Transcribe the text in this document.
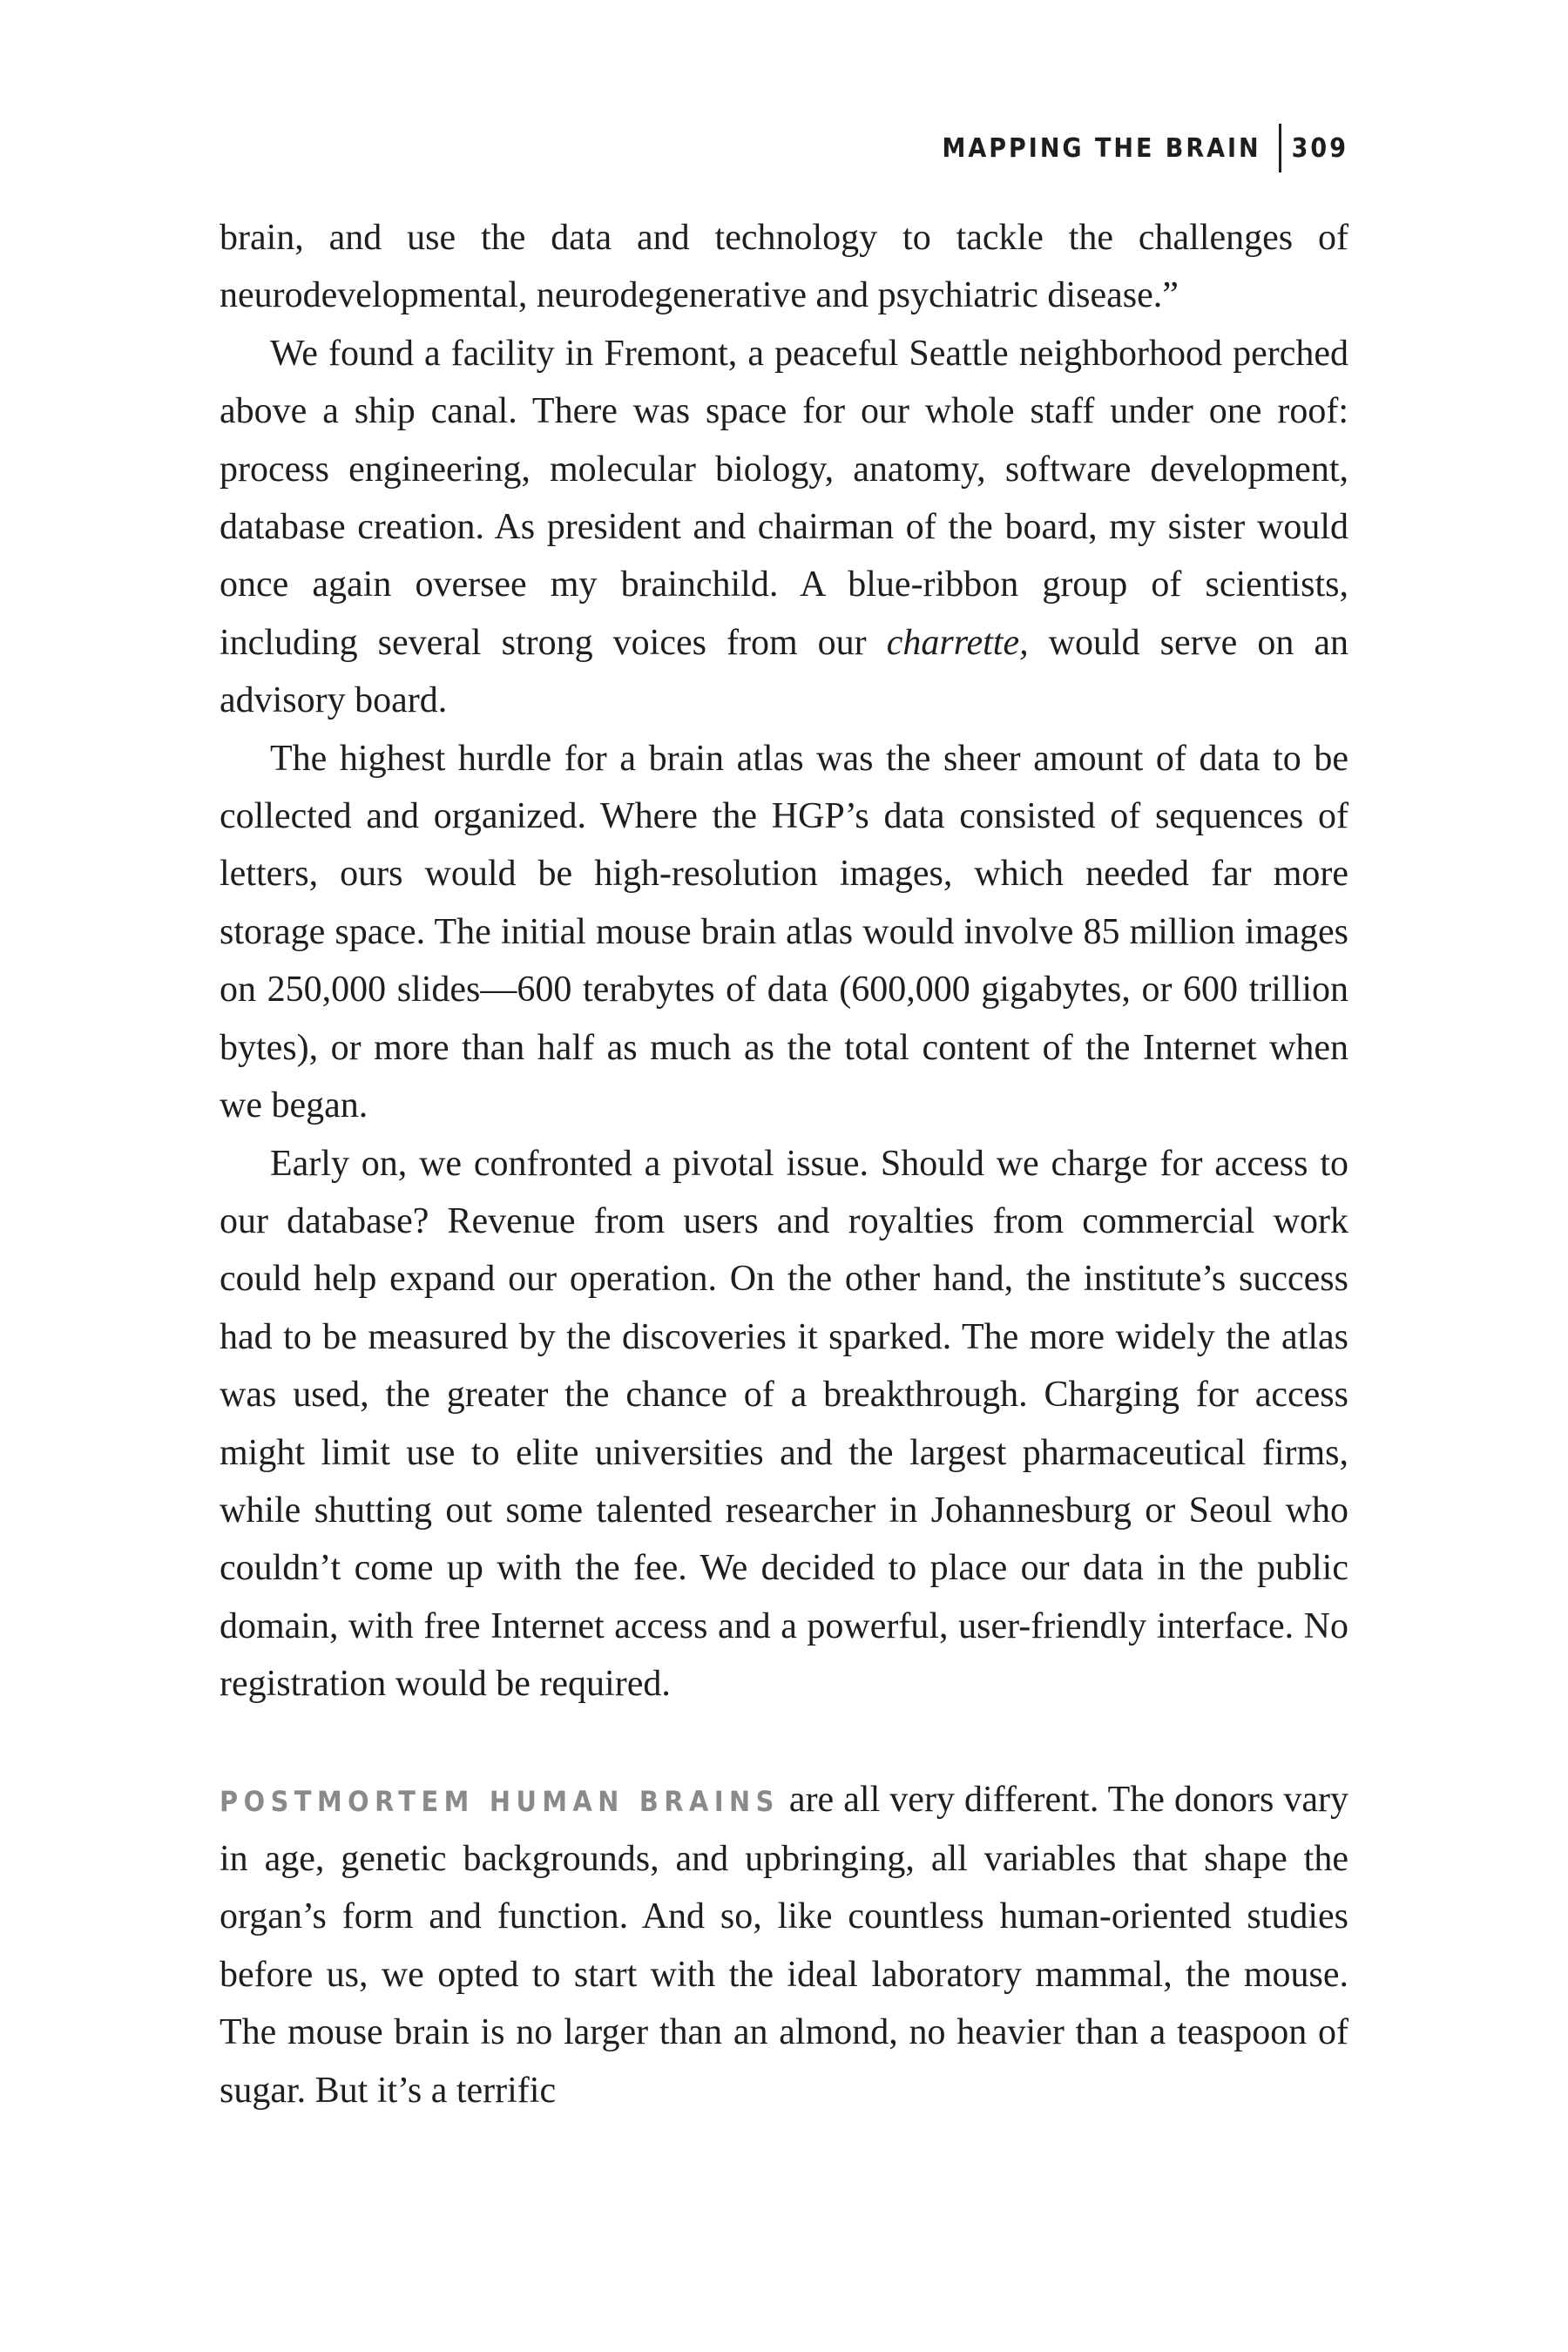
MAPPING THE BRAIN 309

brain, and use the data and technology to tackle the challenges of neurodevelopmental, neurodegenerative and psychiatric disease.”

We found a facility in Fremont, a peaceful Seattle neighborhood perched above a ship canal. There was space for our whole staff under one roof: process engineering, molecular biology, anatomy, software development, database creation. As president and chairman of the board, my sister would once again oversee my brainchild. A blue-ribbon group of scientists, including several strong voices from our charrette, would serve on an advisory board.

The highest hurdle for a brain atlas was the sheer amount of data to be collected and organized. Where the HGP’s data consisted of sequences of letters, ours would be high-resolution images, which needed far more storage space. The initial mouse brain atlas would involve 85 million images on 250,000 slides—600 terabytes of data (600,000 gigabytes, or 600 trillion bytes), or more than half as much as the total content of the Internet when we began.

Early on, we confronted a pivotal issue. Should we charge for access to our database? Revenue from users and royalties from commercial work could help expand our operation. On the other hand, the institute’s success had to be measured by the discoveries it sparked. The more widely the atlas was used, the greater the chance of a breakthrough. Charging for access might limit use to elite universities and the largest pharmaceutical firms, while shutting out some talented researcher in Johannesburg or Seoul who couldn’t come up with the fee. We decided to place our data in the public domain, with free Internet access and a powerful, user-friendly interface. No registration would be required.

POSTMORTEM HUMAN BRAINS are all very different. The donors vary in age, genetic backgrounds, and upbringing, all variables that shape the organ’s form and function. And so, like countless human-oriented studies before us, we opted to start with the ideal laboratory mammal, the mouse. The mouse brain is no larger than an almond, no heavier than a teaspoon of sugar. But it’s a terrific
